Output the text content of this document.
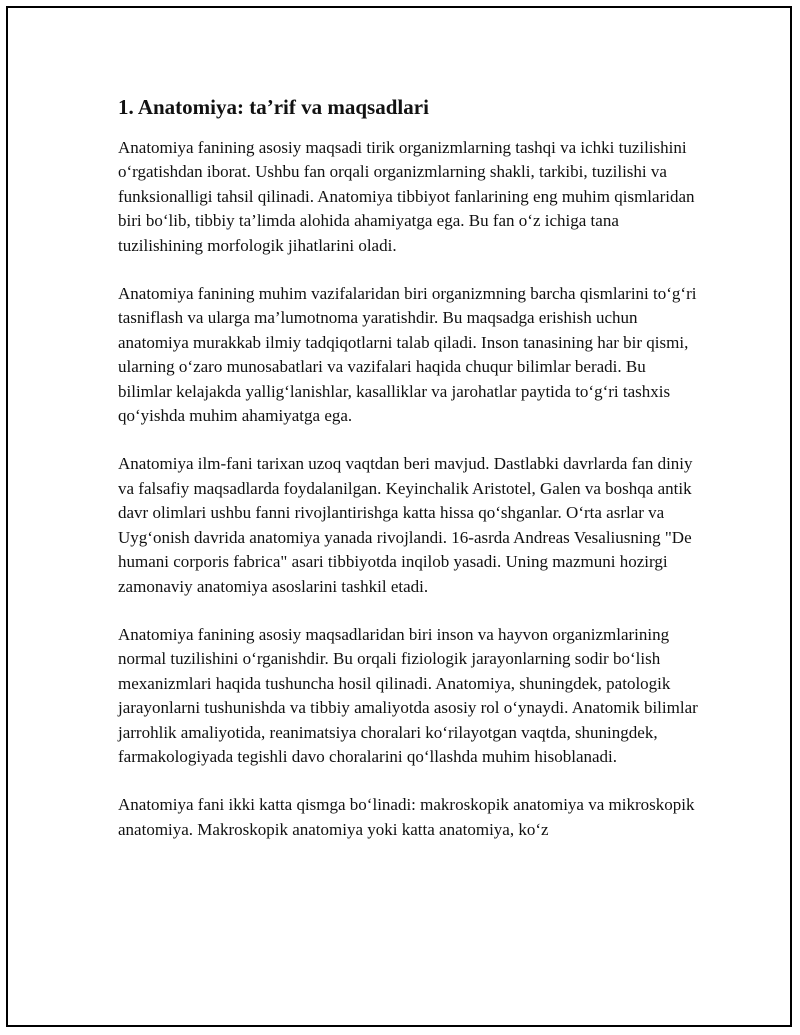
1. Anatomiya: ta’rif va maqsadlari

Anatomiya fanining asosiy maqsadi tirik organizmlarning tashqi va ichki tuzilishini o‘rgatishdan iborat. Ushbu fan orqali organizmlarning shakli, tarkibi, tuzilishi va funksionalligi tahsil qilinadi. Anatomiya tibbiyot fanlarining eng muhim qismlaridan biri bo‘lib, tibbiy ta’limda alohida ahamiyatga ega. Bu fan o‘z ichiga tana tuzilishining morfologik jihatlarini oladi.

Anatomiya fanining muhim vazifalaridan biri organizmning barcha qismlarini to‘g‘ri tasniflash va ularga ma’lumotnoma yaratishdir. Bu maqsadga erishish uchun anatomiya murakkab ilmiy tadqiqotlarni talab qiladi. Inson tanasining har bir qismi, ularning o‘zaro munosabatlari va vazifalari haqida chuqur bilimlar beradi. Bu bilimlar kelajakda yallig‘lanishlar, kasalliklar va jarohatlar paytida to‘g‘ri tashxis qo‘yishda muhim ahamiyatga ega.

Anatomiya ilm-fani tarixan uzoq vaqtdan beri mavjud. Dastlabki davrlarda fan diniy va falsafiy maqsadlarda foydalanilgan. Keyinchalik Aristotel, Galen va boshqa antik davr olimlari ushbu fanni rivojlantirishga katta hissa qo‘shganlar. O‘rta asrlar va Uyg‘onish davrida anatomiya yanada rivojlandi. 16-asrda Andreas Vesaliusning "De humani corporis fabrica" asari tibbiyotda inqilob yasadi. Uning mazmuni hozirgi zamonaviy anatomiya asoslarini tashkil etadi.

Anatomiya fanining asosiy maqsadlaridan biri inson va hayvon organizmlarining normal tuzilishini o‘rganishdir. Bu orqali fiziologik jarayonlarning sodir bo‘lish mexanizmlari haqida tushuncha hosil qilinadi. Anatomiya, shuningdek, patologik jarayonlarni tushunishda va tibbiy amaliyotda asosiy rol o‘ynaydi. Anatomik bilimlar jarrohlik amaliyotida, reanimatsiya choralari ko‘rilayotgan vaqtda, shuningdek, farmakologiyada tegishli davo choralarini qo‘llashda muhim hisoblanadi.

Anatomiya fani ikki katta qismga bo‘linadi: makroskopik anatomiya va mikroskopik anatomiya. Makroskopik anatomiya yoki katta anatomiya, ko‘z
